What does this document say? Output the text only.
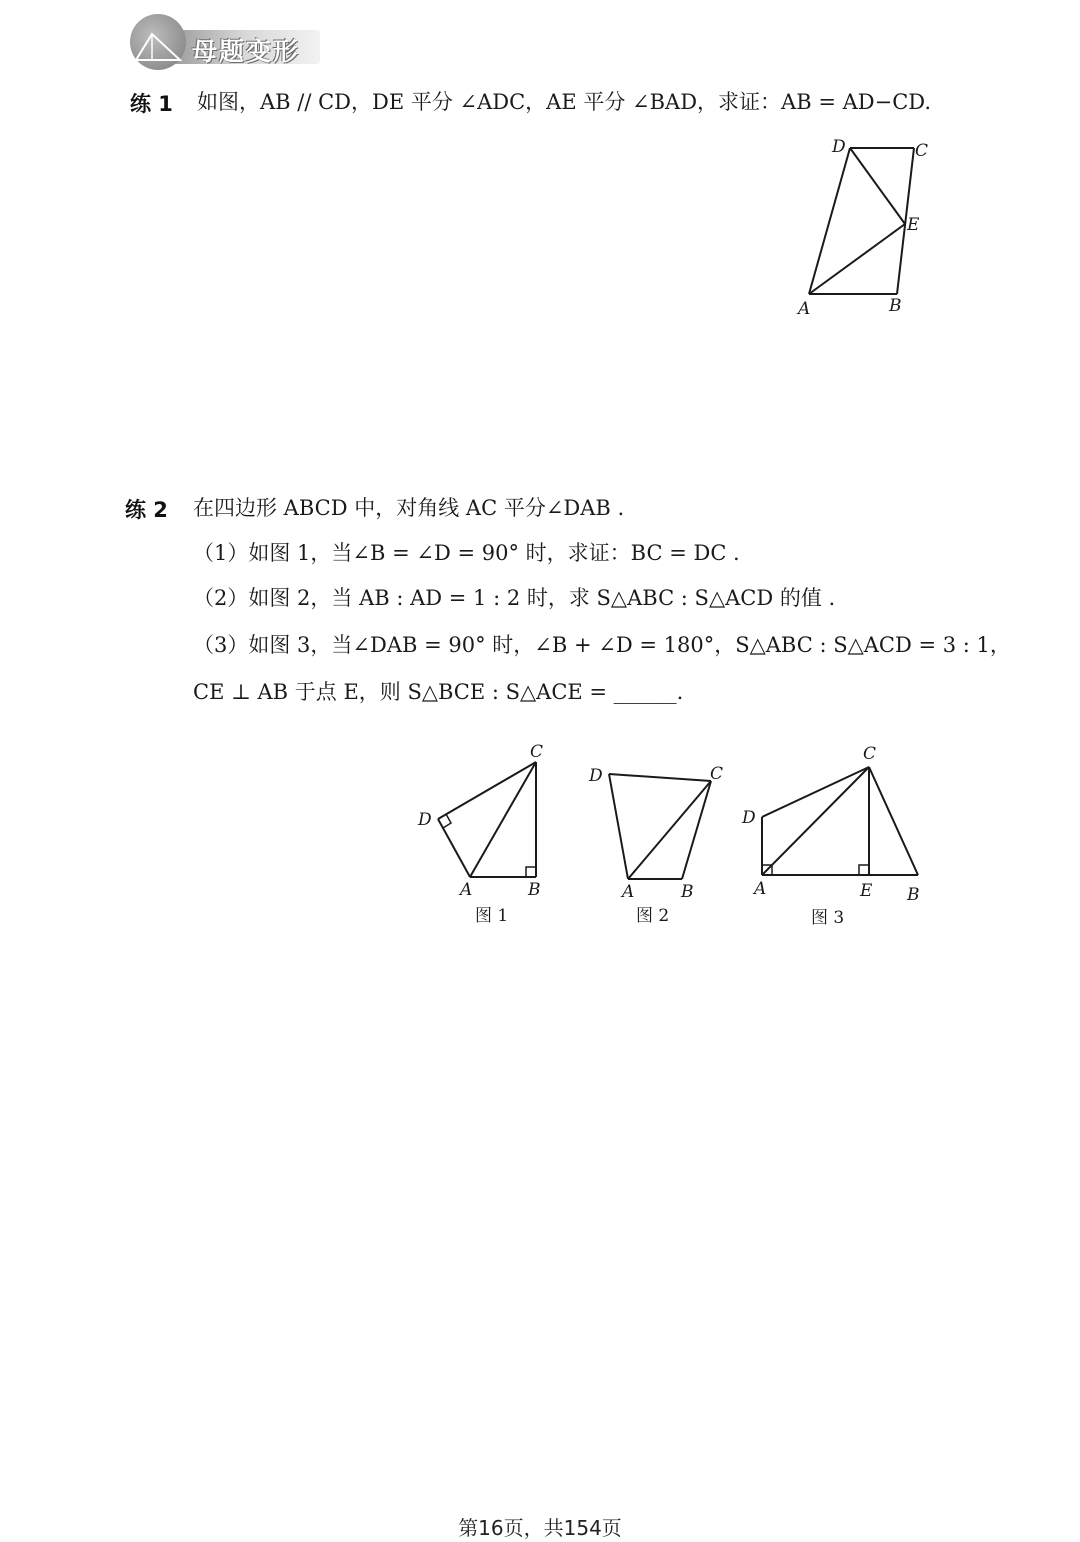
母题变形
练 1 如图，AB // CD，DE 平分 ∠ADC，AE 平分 ∠BAD，求证：AB = AD−CD.
A	B
C
D
E
练 2 在四边形 ABCD 中，对角线 AC 平分∠DAB .
（1）如图 1，当∠B = ∠D = 90° 时，求证：BC = DC .
（2）如图 2，当 AB : AD = 1 : 2 时，求 S△ABC : S△ACD 的值 .
（3）如图 3，当∠DAB = 90° 时，∠B + ∠D = 180°，S△ABC : S△ACD = 3 : 1，
CE ⊥ AB 于点 E，则 S△BCE : S△ACE = ______.
A	B
C
D
图 1
A	B
C
D
图 2
A	B
C
D
E
图 3
第16页，共154页
